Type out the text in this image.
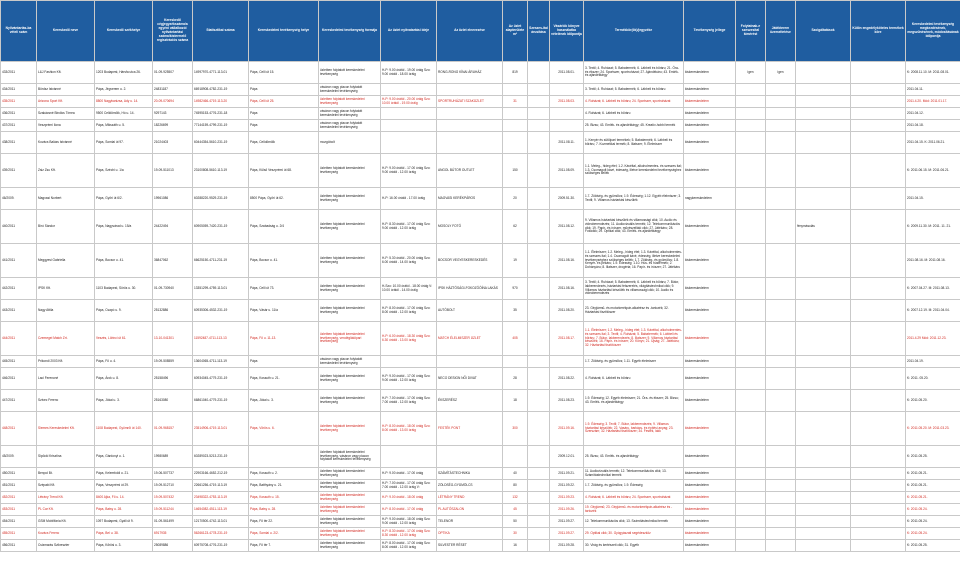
Nyilvántartás-ba vételi szám	Kereskedő neve	Kereskedő székhelye	Kereskedő cégjegyzékszáma/a egyéni vállalkozói nyilvántartási száma/kistermelő regisztrációs száma	Statisztikai száma	Kereskedelmi tevékenység helye	Kereskedelmi tevékenység formája	Az üzlet nyitvatartási ideje	Az üzlet elnevezése	Az üzlet alapterülete m²	Szeszes-ital árusítása	Vásárlók könyve használatba vételének időpontja	Termékkör(ök)/jegyzéke	Tevékenység jellege	Folytatnak-e szeszesital kimérést	Játékterem üzemeltetése	Szolgáltatások	Külön engedélyköteles termékek köre	Kereskedelmi tevékenység megkezdésének, megszűnésének, módosításának időpontja
433/2011	L&J Fashion Kft.	1203 Budapest, Hársfa utca 26.	01-09-925507	14997970-4771-113-01	Pápa, Celli út 15.	üzletben folytatott kereskedelmi tevékenység	H-P: 9.00 órától - 19.00 óráig Szo: 9.00 órától - 18.00 óráig	RONG-RONG KÍNAI ÁRUHÁZ	819		2011.08.01.	3. Textil; 4. Ruházat; 5. Babatermék; 6. Lábbeli és bőráru; 21. Óra- és ékszer; 24. Sportszer, sportruházat; 27. Ajándékáru; 43. Emlék- és ajándéktárgy	kiskereskedelem	igen	igen			K: 2008.11.10. M: 2011.08.01.
434/2011	Bördsz Istvánné	Pápa, Jégverem u. 2.	24831187	66918908-4782-231-19	Pápa	vásáron vagy piacon folytatott kereskedelmi tevékenység						3. Textil; 4. Ruházat; 5. Babatermék; 6. Lábbeli és bőráru	kiskereskedelem					2011.04.11.
435/2011	Arizona Sport Kft.	8800 Nagykanizsa, Ady u. 14.	20-09-070694	14982466-4719-113-20	Pápa, Celli út 25.	üzletben folytatott kereskedelmi tevékenység	H-P: 9.00 órától - 20.00 óráig Szo: 10.00 órától - 19.00 óráig	SPORTRUHÁZATI SZAKÜZLET	31		2011.08.03.	4. Ruházat; 6. Lábbeli és bőráru; 24. Sportszer, sportruházat	kiskereskedelem					2011.4.20. Mód: 2011.01.17.
436/2011	Szakácsné Bindics Tímea	9500 Celldömölk, Hó u. 14.	9297143	74595153-4776-231-18	Pápa	vásáron vagy piacon folytatott kereskedelmi tevékenység						4. Ruházat; 6. Lábbeli és bőráru	kiskereskedelem					2011.04.12.
437/2011	Veszprémi Ilona	Pápa, Mikszáth u. 5.	18226699	77144159-4799-231-19	Pápa	vásáron vagy piacon folytatott kereskedelmi tevékenység						25. Bizsu; 43. Emlék- és ajándéktárgy; 45. Kreatív-hobbi termék	kiskereskedelem					2011.04.18.
438/2011	Kovács Balázs Istvánné	Pápa, Somlai út 97.	21024403	60444354-5610-231-19	Pápa, Celldömölk	mozgóbolt					2011.08.11.	1. Kenyér és sütőipari termékek; 5. Babatermék; 6. Lábbeli és bőráru; 7. Kozmetikai termék; 8. Illatszer; 9. Élelmiszer	kiskereskedelem					2011.04.15. K: 2011.06.21.
439/2011	Zsiz Zsu Kft.	Pápa, Széchi u. 1/a	19-09-511013	23100808-5610-113-19	Pápa, Külső Veszprémi út 68.	üzletben folytatott kereskedelmi tevékenység	H-P: 9.00 órától - 17.00 óráig Szo: 9.00 órától - 12.00 óráig	ANGOL BÚTOR OUTLET	150		2011.08.09.	1.1. Meleg-, hideg étel; 1.2. Kávéital, alkoholmentes- és szeszes ital; 1.3. Csomagolt kávé, édesség, illetve kereskedelmi tevékenységhez szükséges kellék	kiskereskedelem					K: 2011.06.15. M: 2011.06.21.
46/2009.	Magvasi Norbert	Pápa, Győri út 6/2.	19961086	60288220-9529-231-19	8500 Pápa, Győri út 62.	üzletben folytatott kereskedelmi tevékenység	H-P: 16.00 órától - 17.00 óráig	MAGVASI KERÉKPÁROS	20		2009.51.30.	1.7. Zöldség- és gyümölcs; 1.9. Édesség; 1.12. Egyéb élelmiszer; 3. Textil; 9. Villamos háztartási készülék	nagykereskedelem					2011.04.15.
440/2011	Bíró Sándor	Pápa, Nagyvárad u. 15/a	24422494	60905059-7420-231-19	Pápa, Szabadság u. 2/4	üzletben folytatott kereskedelmi tevékenység	H-P: 8.30 órától - 17.00 óráig Szo: 9.00 órától - 12.00 óráig	MOSOLY FOTÓ	62		2011.08.12.	9. Villamos háztartási készülék és villamossági cikk; 10. Audio és videoberendezés; 11. Audiovizuális termék; 12. Telekommunikációs cikk; 19. Papír- és írószer, művészellátó cikk; 27. Játékáru; 28. Fotócikk; 29. Optikai cikk; 43. Emlék- és ajándéktárgy	kiskereskedelem			fénymásolás		K: 2009.11.30. M: 2011. 11. 21.
441/2011	Meggyesi Gabriella	Pápa, Bocsor u. 41.	36847062	66625150-4711-231-19	Pápa, Bocsor u. 41.	üzletben folytatott kereskedelmi tevékenység	H-P: 5.30 órától - 20.00 óráig Szo: 6.00 órától - 14.00 óráig	BOCSOR VEGYESKERESKEDÉS	19		2011.08.16.	1.1. Élelmiszer; 1.2. Meleg-, hideg étel; 1.3. Kávéital, alkoholmentes- és szeszes ital; 1.4. Csomagolt kávé, édesség, illetve kereskedelmi tevékenységhez szükséges kellék; 1.7. Zöldség- és gyümölcs; 1.8. Kenyér- és pékáru; 1.9. Édesség; 1.10. Hús- és hústermék; 2. Dohányáru; 8. Illatszer, drogéria; 16. Papír- és írószer; 27. Játékáru	kiskereskedelem					2011.08.16. M: 2011.08.16.
442/2011	IPSK Kft.	1103 Budapest, Sörös u. 30.	01-09-730940	13351299-4759-113-01	Pápa, Celli út 73.	üzletben folytatott kereskedelmi tevékenység	H-Szo: 10.00 órától - 18.00 óráig V: 10.00 órától - 14.00 óráig	IPSK HÁZTÓSÁGI-FOKOZÓÓÍNA LAKÁS	970		2011.08.16.	3. Textil; 4. Ruházat; 5. Babatermék; 6. Lábbeli és bőráru; 7. Bútor, lakberendezés, háztartási felszerelés, világítástechnikai cikk; 9. Villamos háztartási készülék és villamossági cikk; 10. Audio és videoberendezés	kiskereskedelem					K: 2007.04.27. M: 2011.08.13.
443/2011	Nagy Attila	Pápa, Csapó u. 9.	25132886	60935306-4532-231-19	Pápa, Vásár u. 11/a	üzletben folytatott kereskedelmi tevékenység	H-P: 8.00 órától - 17.00 óráig Szo: 8.00 órától - 12.00 óráig	AUTÓBOLT	35		2011.08.20.	23. Gépjármű- és motorkerékpár-alkatrész és -tartozék; 32. Háztartási tisztítószer	kiskereskedelem					K: 2007.12.19. M: 2011.04.04.
444/2011	Czemegei Match Zrt.	Veszés, Lőrinci út 61.	13-10-041301	11592487-4711-113-13	Pápa, Fő u. 11-13.	üzletben folytatott kereskedelmi tevékenység, vendéglátóipari tevékenység	H-P: 6.00 órától - 18.30 óráig Szo: 6.30 órától - 13.00 óráig	MATCH ÉLELMISZER ÜZLET	405		2011.08.17.	1.1. Élelmiszer; 1.2. Meleg-, hideg étel; 1.3. Kávéital, alkoholmentes- és szeszes ital; 3. Textil; 4. Ruházat; 5. Babatermék; 6. Lábbeli és bőráru; 7. Bútor, lakberendezés; 8. Illatszer; 9. Villamos háztartási készülék; 16. Papír- és írószer; 20. Könyv; 21. Újság; 27. Játékáru; 32. Háztartási tisztítószer	kiskereskedelem					2011.4.29 Mód: 2011.12.23.
445/2011	Prikondi 2003 Kft.	Pápa, Fő u. 4.	19-09-508559	13604065-4711-113-19	Pápa	vásáron vagy piacon folytatott kereskedelmi tevékenység						1.7. Zöldség- és gyümölcs; 1.11. Egyéb élelmiszer	kiskereskedelem					2011.04.19.
446/2011	Laci Ferencné	Pápa, Árok u. 8.	25158496	60934045-4779-231-19	Pápa, Kossuth u. 21.	üzletben folytatott kereskedelmi tevékenység	H-P: 9.00 órától - 17.00 óráig Szo: 9.00 órától - 12.00 óráig	NECO DESIGN NŐI DIVAT	28		2011.08.22.	4. Ruházat; 6. Lábbeli és bőráru	kiskereskedelem					K: 2011. 05.20.
447/2011	Szivec Ferenc	Pápa, Jókai u. 3.	25163080	66861040-4779-231-19	Pápa, Jókai u. 3.	üzletben folytatott kereskedelmi tevékenység	H-P: 7.00 órától - 17.00 óráig Szo: 7.00 órától - 12.00 óráig	ÉKSZERÉSZ	18		2011.08.23.	1.9. Édesség; 12. Egyéb élelmiszer; 21. Óra- és ékszer; 25. Bizsu; 43. Emlék- és ajándéktárgy	kiskereskedelem					K: 2011.05.20.
448/2011	Siemes Kereskedelmi Kft.	1108 Budapest, Gyömrői út 140.	01-09-968157	23514906-4719-113-01	Pápa, Vörös u. 6.	üzletben folytatott kereskedelmi tevékenység	H-P: 8.00 órától - 18.00 óráig Szo: 8.00 órától - 13.00 óráig	FESTÉK PONT	300		2011.09.16.	1.9. Édesség; 3. Textil; 7. Bútor, lakberendezés; 9. Villamos háztartási készülék; 22. Vasáru, barkács- és építési anyag; 23. Szerszám; 32. Háztartási tisztítószer; 34. Festék, lakk	kiskereskedelem					K: 2011.05.20. M: 2011.03.23.
45/2009.	Sipőcki Krisztina	Pápa, Gárdonyi u. 1.	19980689	60289023-5213-231-19		üzletben folytatott kereskedelmi tevékenység, vásáron vagy piacon folytatott kereskedelmi tevékenység					2009.12.01.	25. Bizsu; 43. Emlék- és ajándéktárgy	kiskereskedelem					K: 2011.05.25.
450/2011	Benpol Bt.	Pápa, Kelemfoldi u. 21.	19-06-507737	22903166-4652-212-19	Pápa, Kossuth u. 2.	üzletben folytatott kereskedelmi tevékenység	H-P: 9.00 órától - 17.00 óráig	SZÁMÍTÁSTECHNIKA	40		2011.09.21.	11. Audiovizuális termék; 12. Telekommunikációs cikk; 13. Számítástechnikai termék	kiskereskedelem					K: 2011.05.21.
451/2011	Szépakt Kft.	Pápa, Veszprémi út 29.	19-09-512710	22661256-4719-113-19	Pápa, Batthyány u. 21.	üzletben folytatott kereskedelmi tevékenység	H-P: 7.00 órától - 17.00 óráig Szo: 7.00 órától - 12.00 óráig V:	ZÖLDSÉG-GYÜMÖLCS	80		2011.09.22.	1.7. Zöldség- és gyümölcs; 1.9. Édesség	kiskereskedelem					K: 2011.05.21.
452/2011	Létrány Trend Kft.	8400 Ajka, Fő u. 14.	19-09-507432	23498322-4753-113-19	Pápa, Kossuth u. 15.	üzletben folytatott kereskedelmi tevékenység	H-P: 9.00 órától - 18.00 óráig	LÉTRÁNY TREND	132		2011.09.23.	4. Ruházat; 6. Lábbeli és bőráru; 24. Sportszer, sportruházat	kiskereskedelem					K: 2011.05.21.
453/2011	PL Car Kft.	Pápa, Batsy u. 28.	19-09-511244	14654082-4511-113-19	Pápa, Batsy u. 28.	üzletben folytatott kereskedelmi tevékenység	H-P: 8.00 órától - 17.00 óráig	PL AUTÓSZALON	45		2011.09.26.	19. Gépjármű; 23. Gépjármű- és motorkerékpár-alkatrész és -tartozék	kiskereskedelem					K: 2011.05.24.
454/2011	GSM Mobilfónia Kft.	1097 Budapest, Gyáli út 9.	01-09-561499	12170500-4742-113-01	Pápa, Fő tér 22.	üzletben folytatott kereskedelmi tevékenység	H-P: 9.00 órától - 18.00 óráig Szo: 9.00 órától - 12.00 óráig	TELENOR	50		2011.09.27.	12. Telekommunikációs cikk; 13. Számítástechnikai termék	kiskereskedelem					K: 2011.05.24.
455/2011	Kovács Ferenc	Pápa, Bel u. 38.	6917935	56266123-4778-231-19	Pápa, Somlai u. 2/2.	üzletben folytatott kereskedelmi tevékenység	H-P: 8.30 órától - 17.00 óráig Szo: 8.30 órától - 12.00 óráig	OPTIKA	30		2011.09.27.	29. Optikai cikk; 30. Gyógyászati segédeszköz	kiskereskedelem					K: 2011.05.24.
456/2011	Csizmarás Szilveszter	Pápa, Kőrösi u. 3.	25089886	60975708-4776-231-19	Pápa, Fő tér 7.	üzletben folytatott kereskedelmi tevékenység	H-P: 8.00 órától - 17.00 óráig Szo: 8.00 órától - 12.00 óráig	SILVESTER RÉSET	16		2011.09.28.	30. Virág és kertészeti cikk; 31. Egyéb	kiskereskedelem					K: 2011.05.25.
